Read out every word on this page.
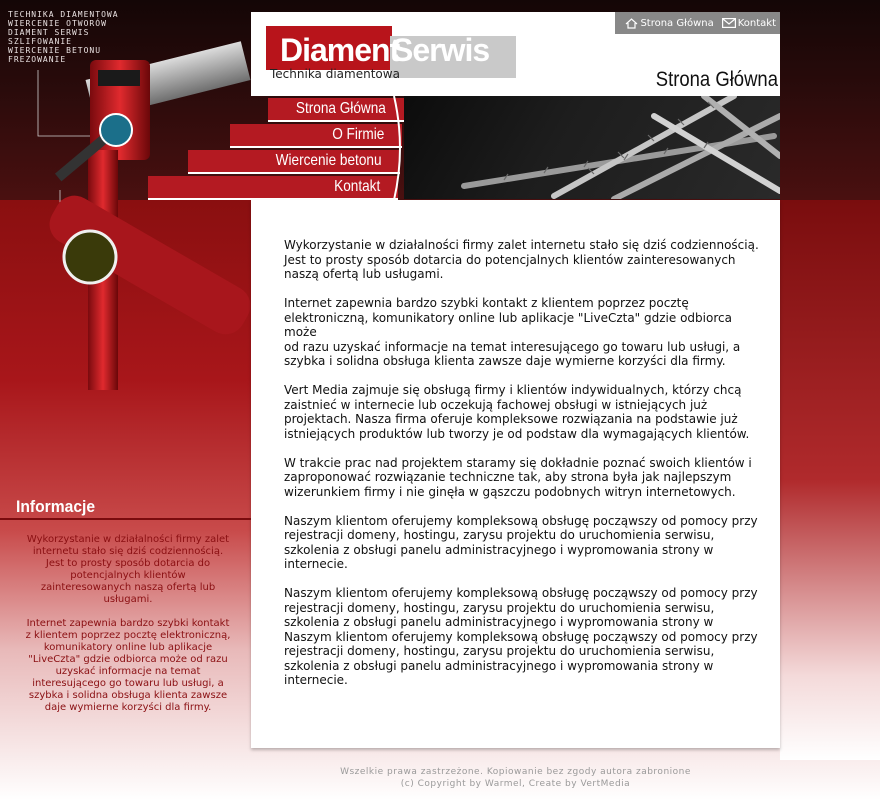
TECHNIKA DIAMENTOWA
WIERCENIE OTWORÓW
DIAMENT SERWIS
SZLIFOWANIE
WIERCENIE BETONU
FREZOWANIE	Diament
Serwis
Technika diamentowa
Strona Główna Kontakt
Strona Główna
Strona Główna
O Firmie
Wiercenie betonu
Kontakt

Wykorzystanie w działalności firmy zalet internetu stało się dziś codziennością.
Jest to prosty sposób dotarcia do potencjalnych klientów zainteresowanych
naszą ofertą lub usługami.

Internet zapewnia bardzo szybki kontakt z klientem poprzez pocztę
elektroniczną, komunikatory online lub aplikacje "LiveCzta" gdzie odbiorca może
od razu uzyskać informacje na temat interesującego go towaru lub usługi, a
szybka i solidna obsługa klienta zawsze daje wymierne korzyści dla firmy.

Vert Media zajmuje się obsługą firmy i klientów indywidualnych, którzy chcą
zaistnieć w internecie lub oczekują fachowej obsługi w istniejących już
projektach. Nasza firma oferuje kompleksowe rozwiązania na podstawie już
istniejących produktów lub tworzy je od podstaw dla wymagających klientów.

W trakcie prac nad projektem staramy się dokładnie poznać swoich klientów i
zaproponować rozwiązanie techniczne tak, aby strona była jak najlepszym
wizerunkiem firmy i nie ginęła w gąszczu podobnych witryn internetowych.

Naszym klientom oferujemy kompleksową obsługę począwszy od pomocy przy
rejestracji domeny, hostingu, zarysu projektu do uruchomienia serwisu,
szkolenia z obsługi panelu administracyjnego i wypromowania strony w
internecie.

Naszym klientom oferujemy kompleksową obsługę począwszy od pomocy przy
rejestracji domeny, hostingu, zarysu projektu do uruchomienia serwisu,
szkolenia z obsługi panelu administracyjnego i wypromowania strony w
Naszym klientom oferujemy kompleksową obsługę począwszy od pomocy przy
rejestracji domeny, hostingu, zarysu projektu do uruchomienia serwisu,
szkolenia z obsługi panelu administracyjnego i wypromowania strony w
internecie.

Informacje

Wykorzystanie w działalności firmy zalet internetu stało się dziś codziennością. Jest to prosty sposób dotarcia do potencjalnych klientów zainteresowanych naszą ofertą lub usługami.

Internet zapewnia bardzo szybki kontakt z klientem poprzez pocztę elektroniczną, komunikatory online lub aplikacje "LiveCzta" gdzie odbiorca może od razu uzyskać informacje na temat interesującego go towaru lub usługi, a szybka i solidna obsługa klienta zawsze daje wymierne korzyści dla firmy.

Wszelkie prawa zastrzeżone. Kopiowanie bez zgody autora zabronione
(c) Copyright by Warmel, Create by VertMedia
